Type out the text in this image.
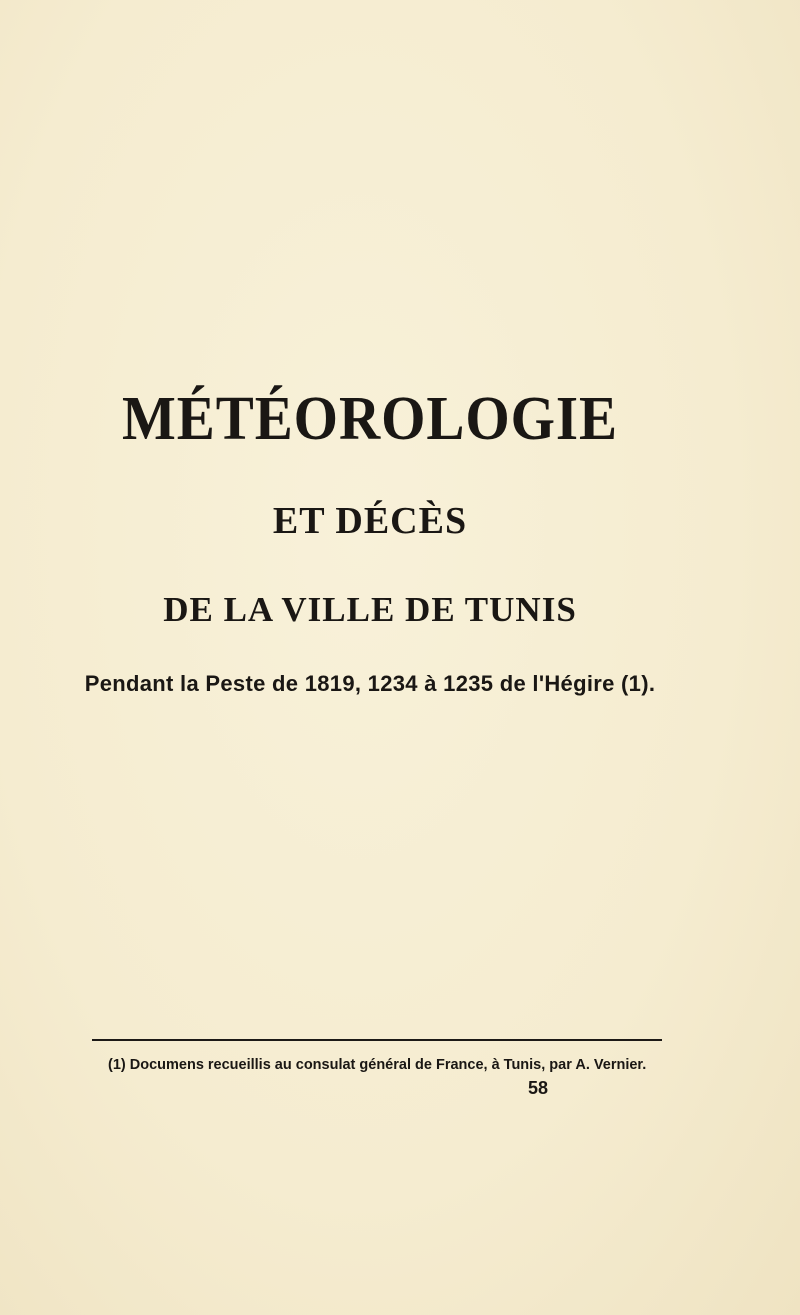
MÉTÉOROLOGIE
ET DÉCÈS
DE LA VILLE DE TUNIS
Pendant la Peste de 1819, 1234 à 1235 de l'Hégire (1).
(1) Documens recueillis au consulat général de France, à Tunis, par A. Vernier.
58
